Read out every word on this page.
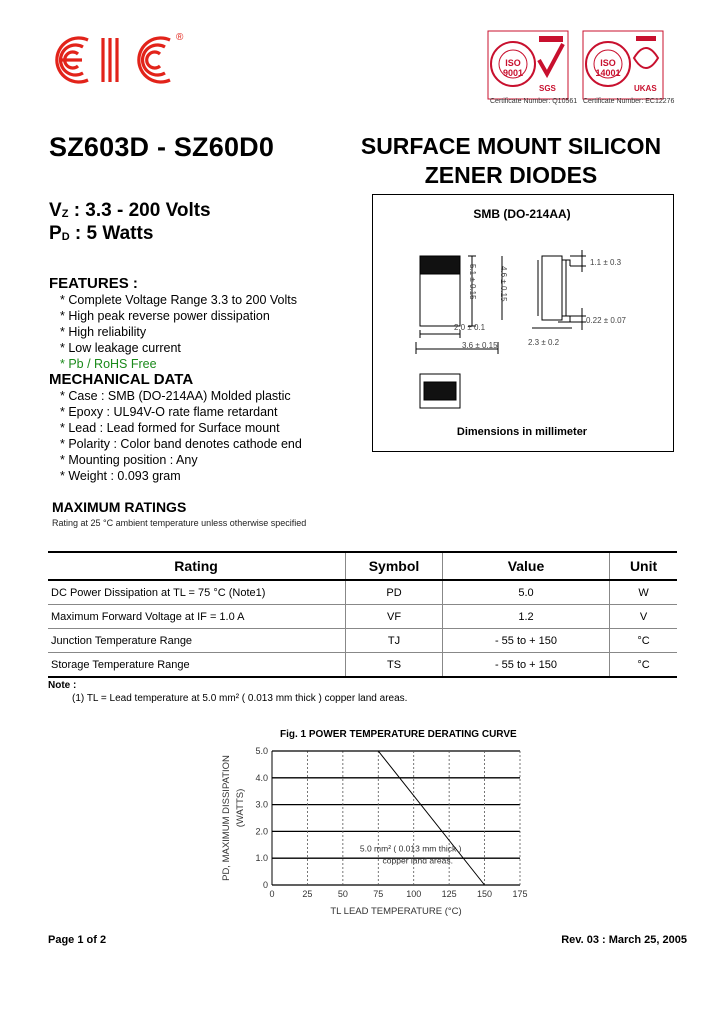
®
ISO 9001
SGS
Certificate Number: Q10561
ISO 14001
UKAS
Certificate Number: EC12276
SZ603D - SZ60D0	SURFACE MOUNT SILICON
ZENER DIODES
$V_Z$ : 3.3 - 200 Volts
$P_D$ : 5 Watts
FEATURES :
* Complete Voltage Range 3.3 to 200 Volts
* High peak reverse power dissipation
* High reliability
* Low leakage current
* Pb / RoHS Free
MECHANICAL DATA
* Case : SMB (DO-214AA) Molded plastic
* Epoxy : UL94V-O rate flame retardant
* Lead : Lead formed for Surface mount
* Polarity : Color band denotes cathode end
* Mounting position : Any
* Weight : 0.093 gram
SMB (DO-214AA)
5.1 ± 0.15
2.0 ± 0.1
3.6 ± 0.15
4.6 ± 0.15
2.3 ± 0.2
1.1 ± 0.3
0.22 ± 0.07
Dimensions in millimeter
MAXIMUM RATINGS
Rating at 25 °C ambient temperature unless otherwise specified
Rating	Symbol	Value	Unit
DC Power Dissipation at TL = 75 °C (Note1)	PD	5.0	W
Maximum Forward Voltage at IF = 1.0 A	VF	1.2	V
Junction Temperature Range	TJ	- 55 to + 150	°C
Storage Temperature Range	TS	- 55 to + 150	°C
Note :
(1) TL = Lead temperature at 5.0 mm² ( 0.013 mm thick ) copper land areas.
Fig. 1 POWER TEMPERATURE DERATING CURVE
0
1.0
2.0
3.0
4.0
5.0
0	25	50	75	100 125 150 175
5.0 mm² ( 0.013 mm thick )
copper land areas.
TL LEAD TEMPERATURE (°C)
PD, MAXIMUM DISSIPATION (WATTS)
Page 1 of 2	Rev. 03 : March 25, 2005
